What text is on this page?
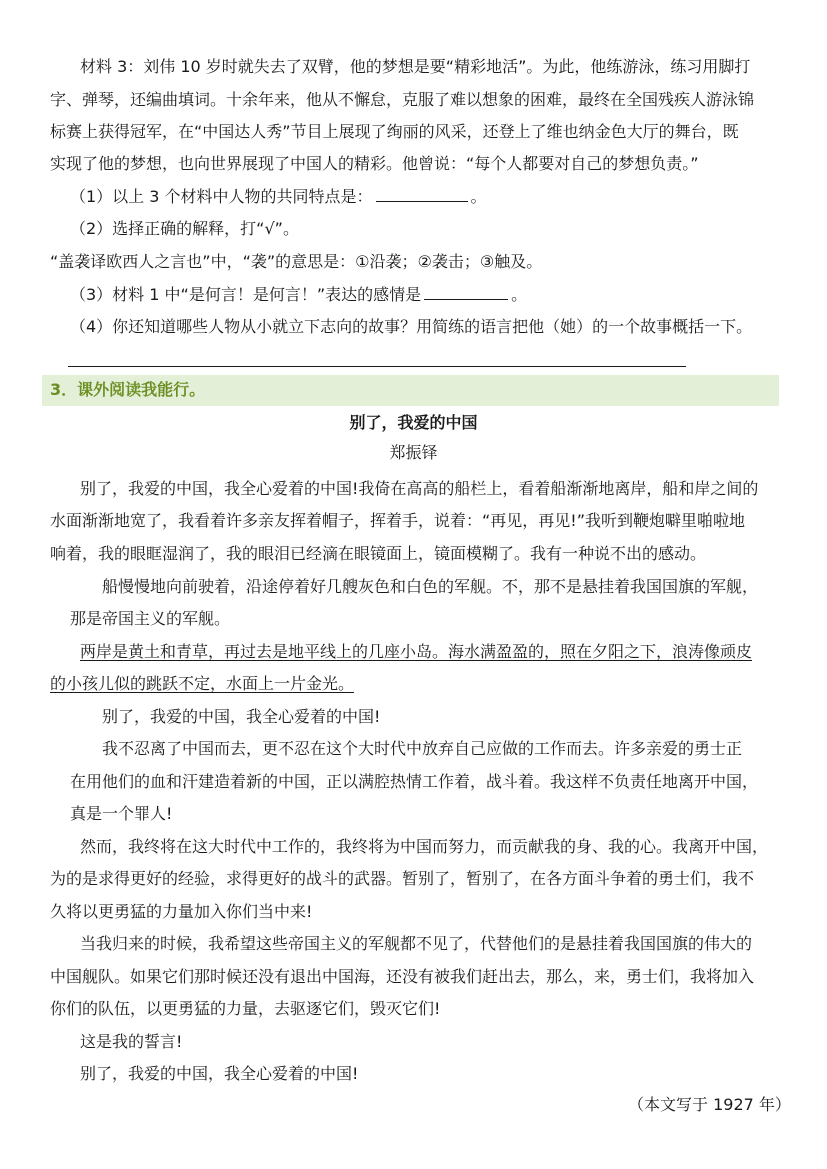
材料 3：刘伟 10 岁时就失去了双臂，他的梦想是要“精彩地活”。为此，他练游泳，练习用脚打
字、弹琴，还编曲填词。十余年来，他从不懈怠，克服了难以想象的困难，最终在全国残疾人游泳锦
标赛上获得冠军，在“中国达人秀”节目上展现了绚丽的风采，还登上了维也纳金色大厅的舞台，既
实现了他的梦想，也向世界展现了中国人的精彩。他曾说：“每个人都要对自己的梦想负责。”
（1）以上 3 个材料中人物的共同特点是：	。
（2）选择正确的解释，打“√”。
“盖袭译欧西人之言也”中，“袭”的意思是：①沿袭；②袭击；③触及。
（3）材料 1 中“是何言！是何言！”表达的感情是	。
（4）你还知道哪些人物从小就立下志向的故事？用简练的语言把他（她）的一个故事概括一下。
3．课外阅读我能行。
别了，我爱的中国
郑振铎
别了，我爱的中国，我全心爱着的中国!我倚在高高的船栏上，看着船渐渐地离岸，船和岸之间的
水面渐渐地宽了，我看着许多亲友挥着帽子，挥着手，说着：“再见，再见!”我听到鞭炮噼里啪啦地
响着，我的眼眶湿润了，我的眼泪已经滴在眼镜面上，镜面模糊了。我有一种说不出的感动。
船慢慢地向前驶着，沿途停着好几艘灰色和白色的军舰。不，那不是悬挂着我国国旗的军舰，
那是帝国主义的军舰。
两岸是黄土和青草，再过去是地平线上的几座小岛。海水满盈盈的，照在夕阳之下，浪涛像顽皮
的小孩儿似的跳跃不定，水面上一片金光。
别了，我爱的中国，我全心爱着的中国!
我不忍离了中国而去，更不忍在这个大时代中放弃自己应做的工作而去。许多亲爱的勇士正
在用他们的血和汗建造着新的中国，正以满腔热情工作着，战斗着。我这样不负责任地离开中国，
真是一个罪人!
然而，我终将在这大时代中工作的，我终将为中国而努力，而贡献我的身、我的心。我离开中国，
为的是求得更好的经验，求得更好的战斗的武器。暂别了，暂别了，在各方面斗争着的勇士们，我不
久将以更勇猛的力量加入你们当中来!
当我归来的时候，我希望这些帝国主义的军舰都不见了，代替他们的是悬挂着我国国旗的伟大的
中国舰队。如果它们那时候还没有退出中国海，还没有被我们赶出去，那么，来，勇士们，我将加入
你们的队伍，以更勇猛的力量，去驱逐它们，毁灭它们!
这是我的誓言!
别了，我爱的中国，我全心爱着的中国!
（本文写于 1927 年）
